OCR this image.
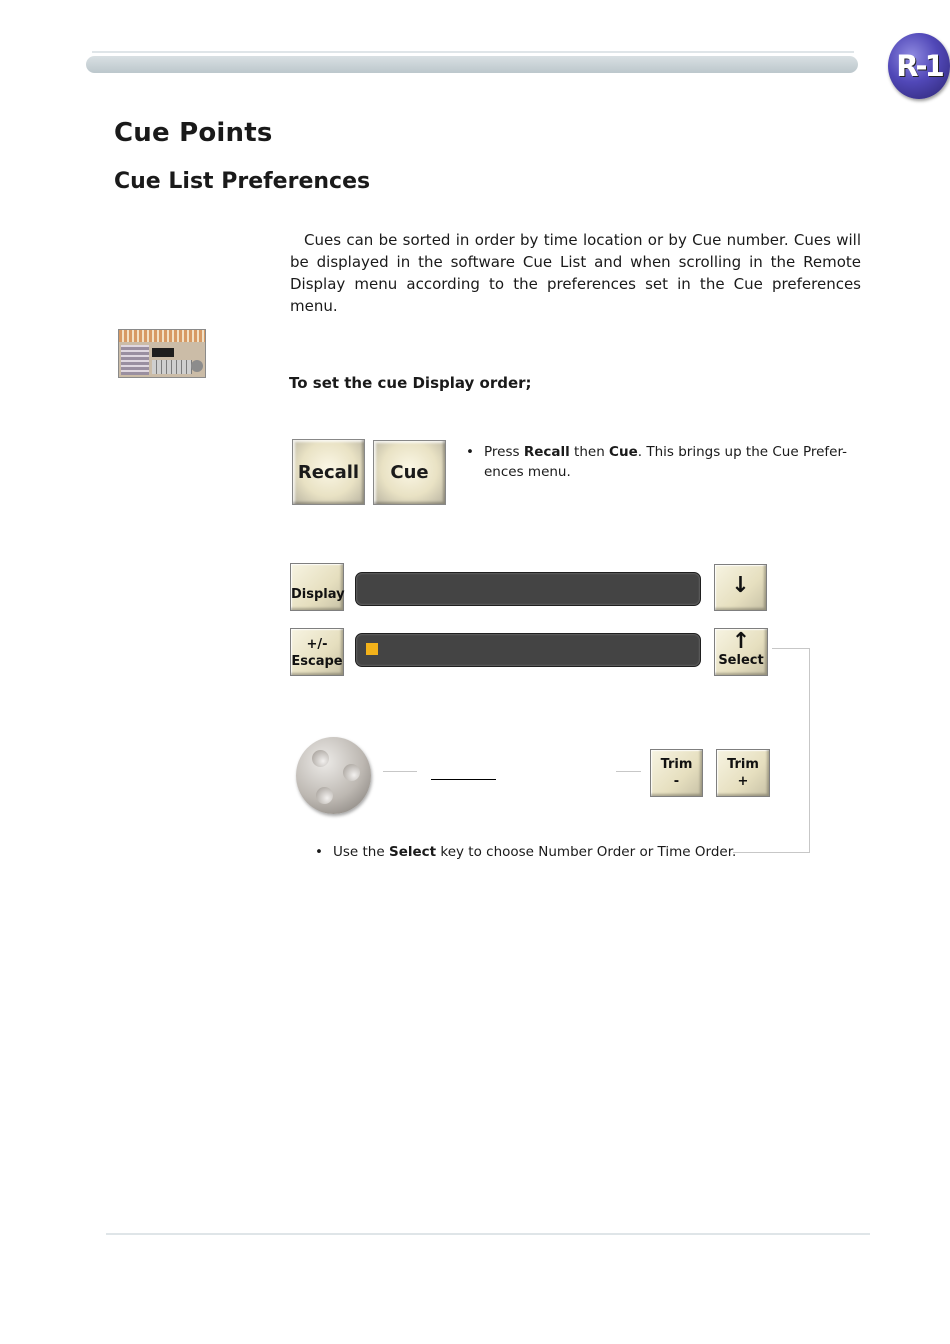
R-1
Cue Points
Cue List Preferences

Cues can be sorted in order by time location or by Cue number. Cues will be displayed in the software Cue List and when scrolling in the Remote Display menu according to the preferences set in the Cue preferences menu.

To set the cue Display order;
Recall Cue

• Press Recall then Cue. This brings up the Cue Prefer-ences menu.

Display	↓
+/-
Escape
↑
Select
Trim
-
Trim
+

• Use the Select key to choose Number Order or Time Order.
